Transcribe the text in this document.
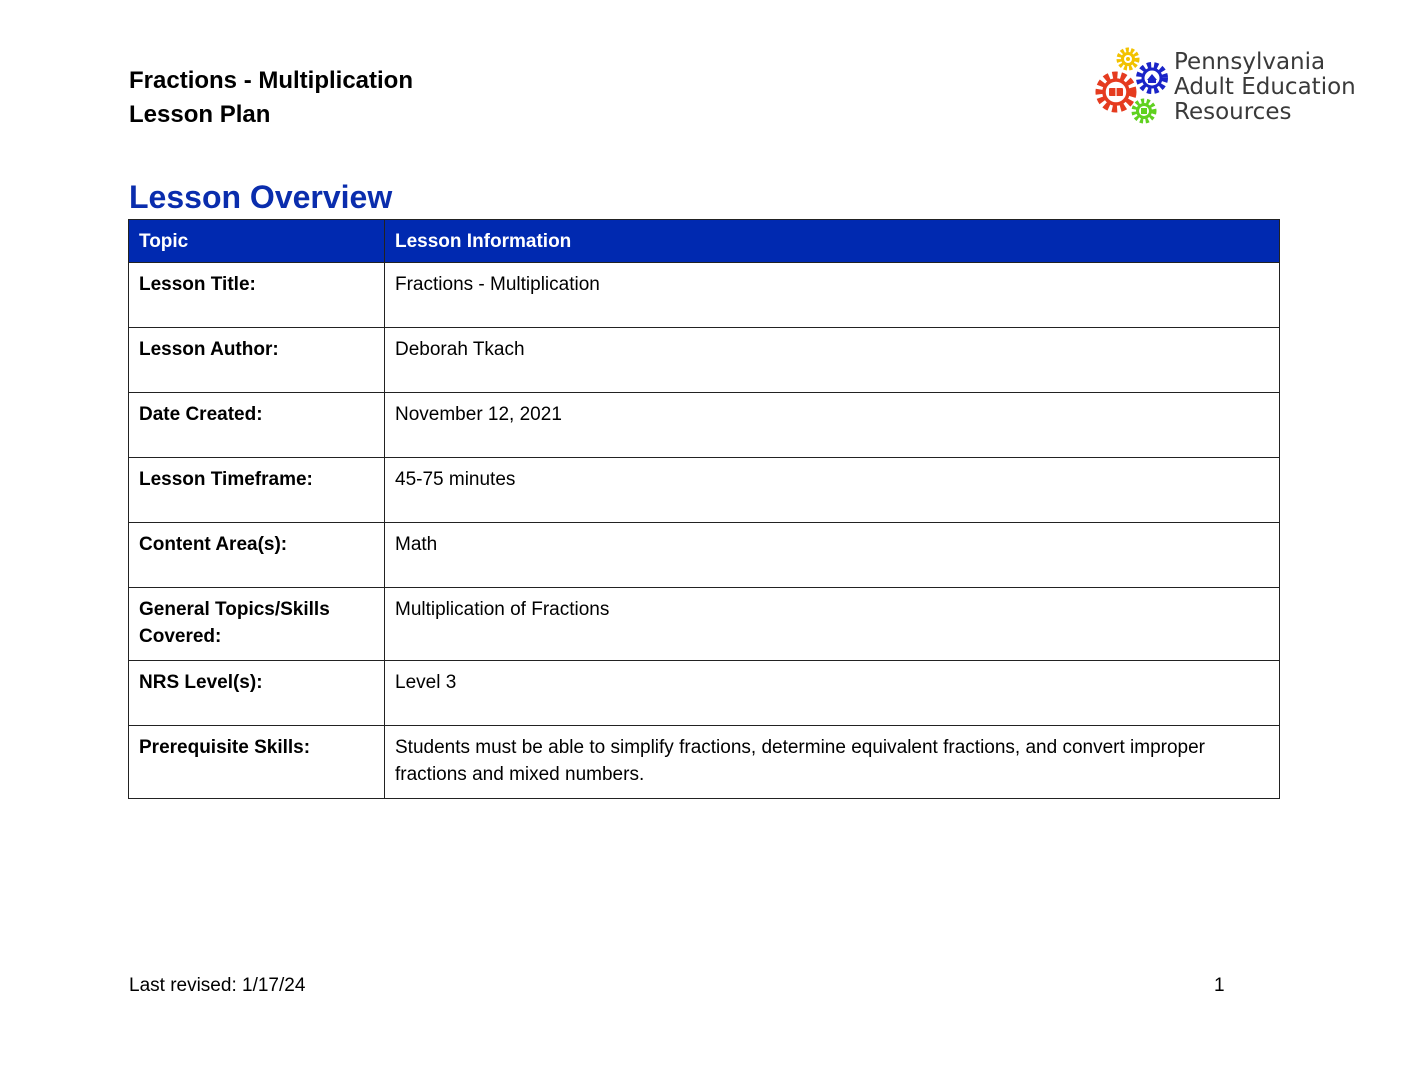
Fractions - Multiplication
Lesson Plan
Pennsylvania
Adult Education
Resources
Lesson Overview
Topic	Lesson Information
Lesson Title:	Fractions - Multiplication
Lesson Author:	Deborah Tkach
Date Created:	November 12, 2021
Lesson Timeframe:	45-75 minutes
Content Area(s):	Math
General Topics/Skills Covered:	Multiplication of Fractions
NRS Level(s):	Level 3
Prerequisite Skills:	Students must be able to simplify fractions, determine equivalent fractions, and convert improper fractions and mixed numbers.
Last revised: 1/17/24	1
